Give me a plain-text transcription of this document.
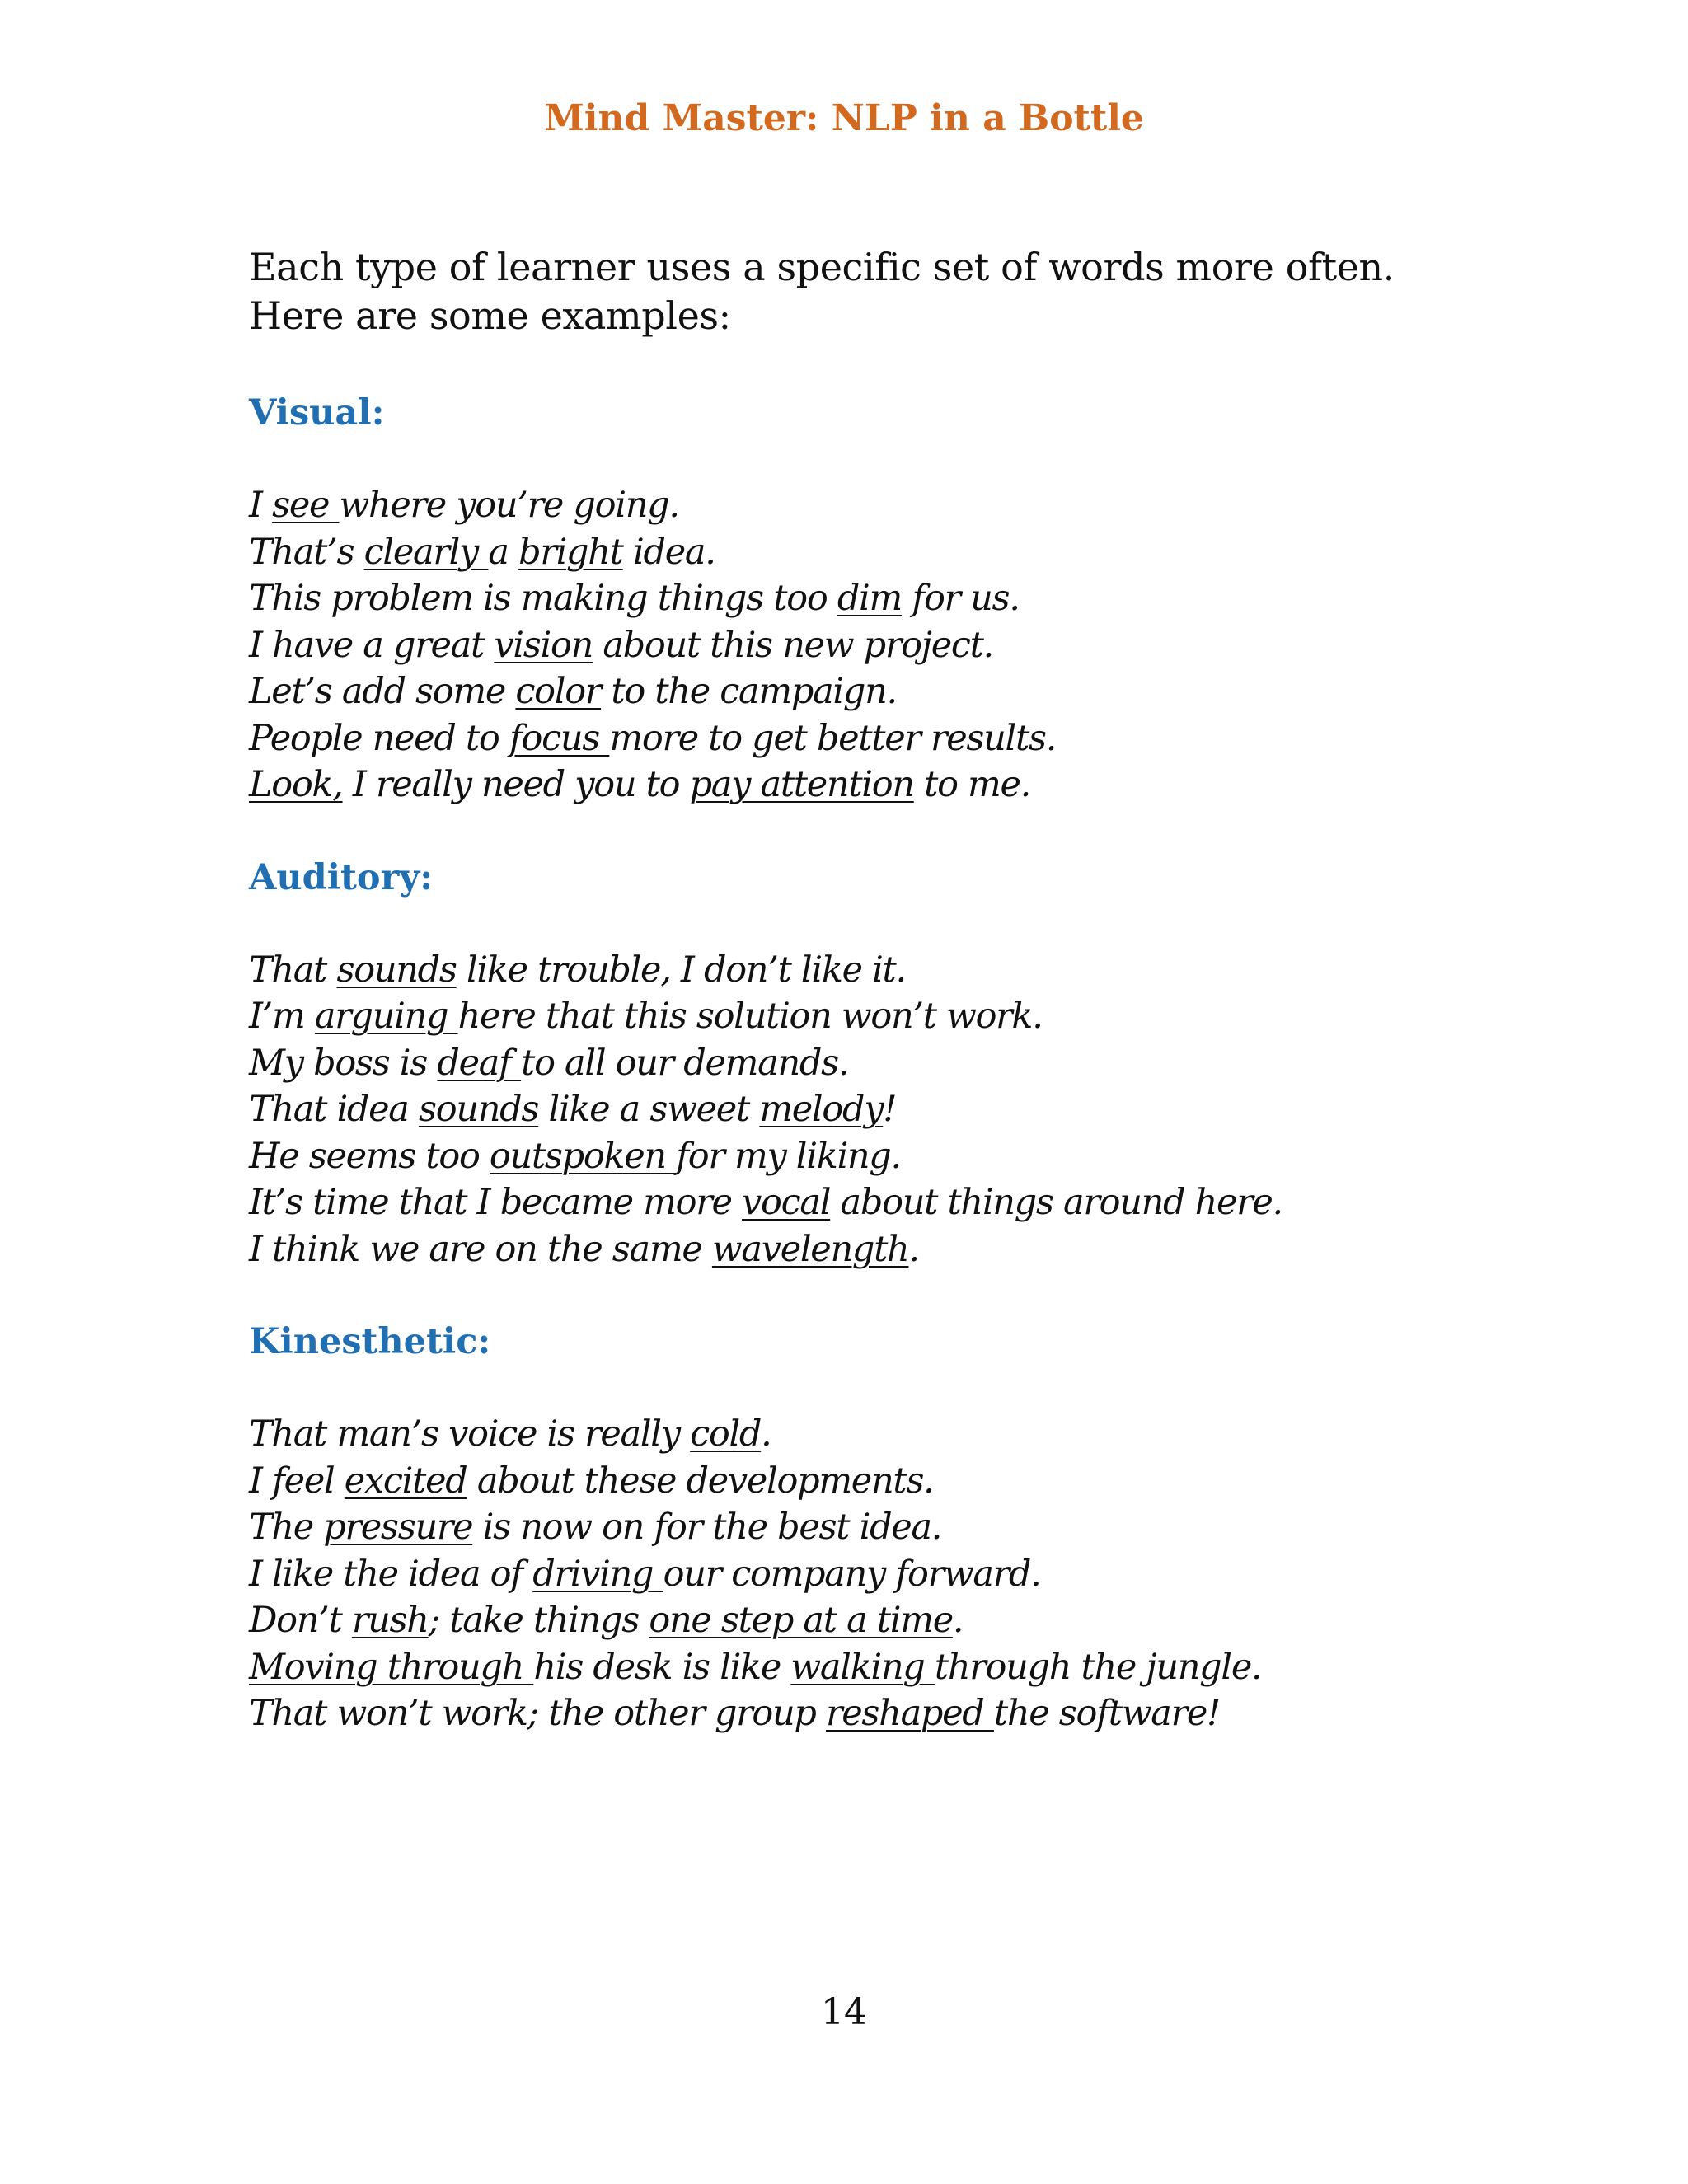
Mind Master: NLP in a Bottle

Each type of learner uses a specific set of words more often. Here are some examples:

Visual:
I see where you’re going.
That’s clearly a bright idea.
This problem is making things too dim for us.
I have a great vision about this new project.
Let’s add some color to the campaign.
People need to focus more to get better results.
Look, I really need you to pay attention to me.
Auditory:
That sounds like trouble, I don’t like it.
I’m arguing here that this solution won’t work.
My boss is deaf to all our demands.
That idea sounds like a sweet melody!
He seems too outspoken for my liking.
It’s time that I became more vocal about things around here.
I think we are on the same wavelength.
Kinesthetic:
That man’s voice is really cold.
I feel excited about these developments.
The pressure is now on for the best idea.
I like the idea of driving our company forward.
Don’t rush; take things one step at a time.
Moving through his desk is like walking through the jungle.
That won’t work; the other group reshaped the software!

14
